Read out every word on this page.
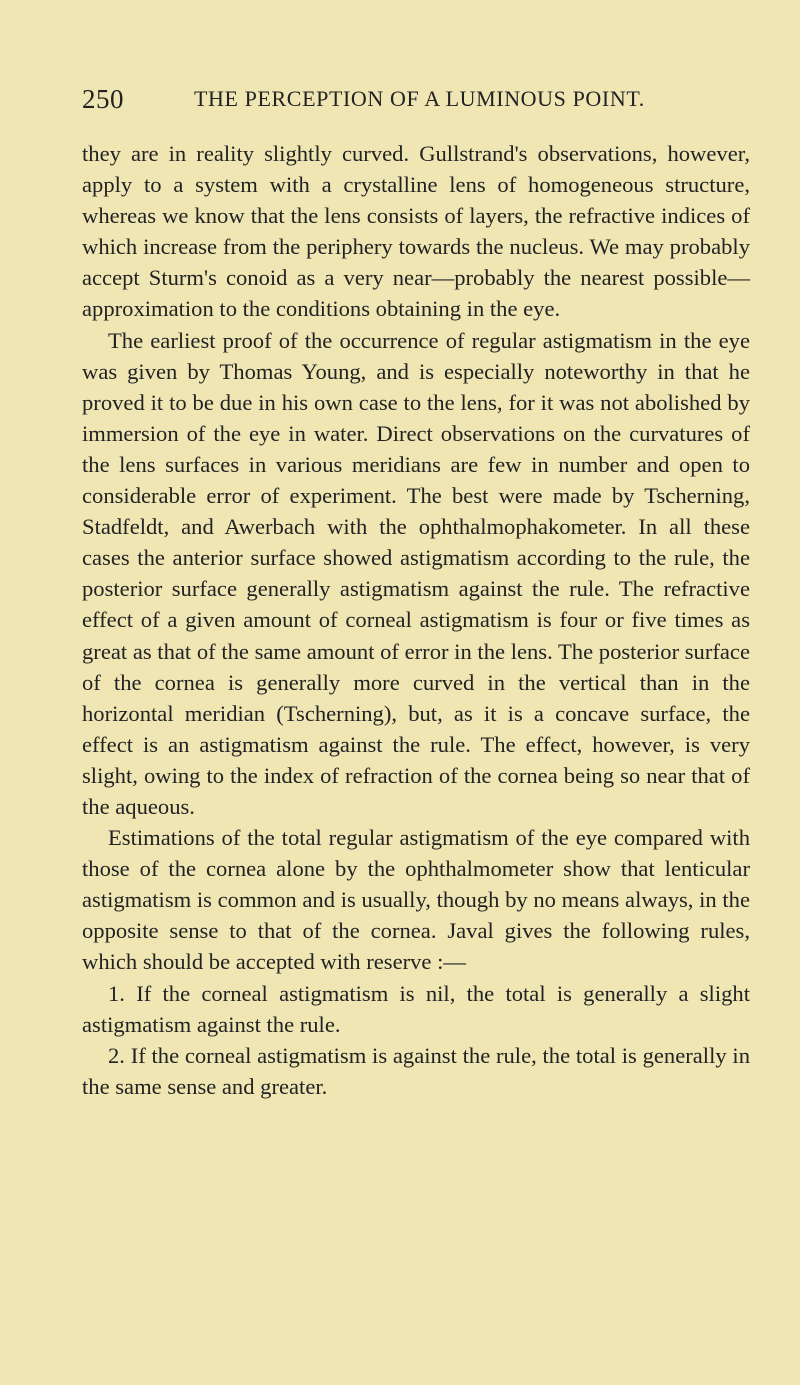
250	THE PERCEPTION OF A LUMINOUS POINT.

they are in reality slightly curved. Gullstrand's observations, however, apply to a system with a crystalline lens of homogeneous structure, whereas we know that the lens consists of layers, the refractive indices of which increase from the periphery towards the nucleus. We may probably accept Sturm's conoid as a very near—probably the nearest possible—approximation to the conditions obtaining in the eye.

The earliest proof of the occurrence of regular astigmatism in the eye was given by Thomas Young, and is especially noteworthy in that he proved it to be due in his own case to the lens, for it was not abolished by immersion of the eye in water. Direct observations on the curvatures of the lens surfaces in various meridians are few in number and open to considerable error of experiment. The best were made by Tscherning, Stadfeldt, and Awerbach with the ophthalmophakometer. In all these cases the anterior surface showed astigmatism according to the rule, the posterior surface generally astigmatism against the rule. The refractive effect of a given amount of corneal astigmatism is four or five times as great as that of the same amount of error in the lens. The posterior surface of the cornea is generally more curved in the vertical than in the horizontal meridian (Tscherning), but, as it is a concave surface, the effect is an astigmatism against the rule. The effect, however, is very slight, owing to the index of refraction of the cornea being so near that of the aqueous.

Estimations of the total regular astigmatism of the eye compared with those of the cornea alone by the ophthalmometer show that lenticular astigmatism is common and is usually, though by no means always, in the opposite sense to that of the cornea. Javal gives the following rules, which should be accepted with reserve :—

1. If the corneal astigmatism is nil, the total is generally a slight astigmatism against the rule.

2. If the corneal astigmatism is against the rule, the total is generally in the same sense and greater.
